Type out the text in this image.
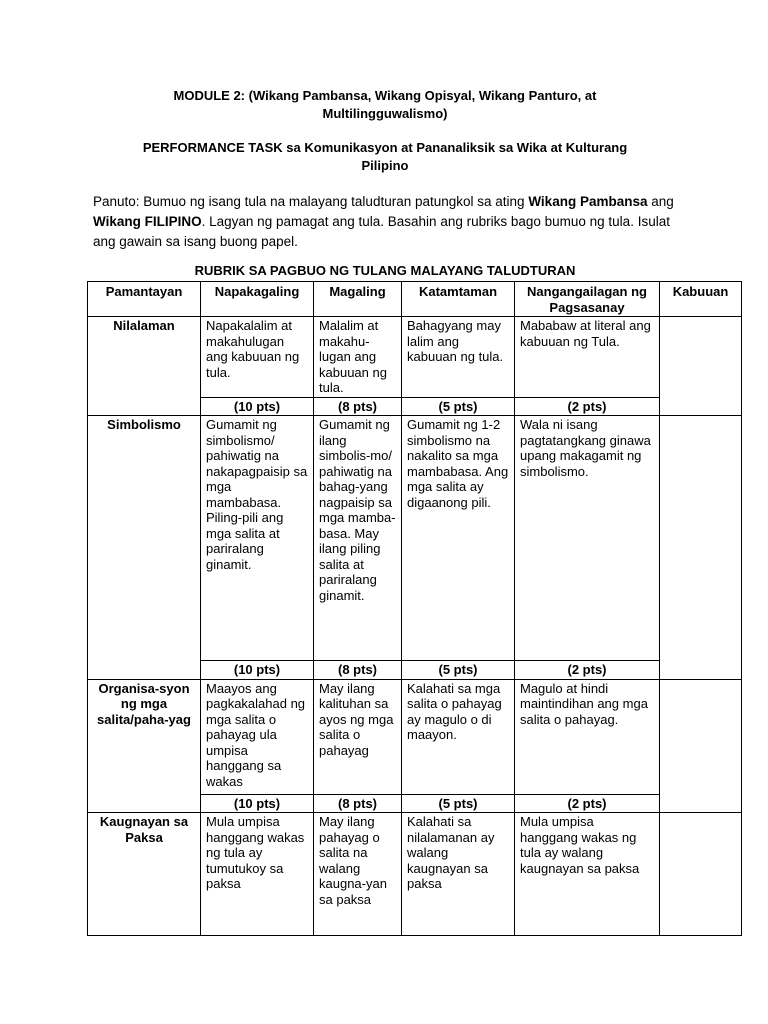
MODULE 2: (Wikang Pambansa, Wikang Opisyal, Wikang Panturo, at
Multilingguwalismo)
PERFORMANCE TASK sa Komunikasyon at Pananaliksik sa Wika at Kulturang
Pilipino
Panuto: Bumuo ng isang tula na malayang taludturan patungkol sa ating Wikang Pambansa ang Wikang FILIPINO. Lagyan ng pamagat ang tula. Basahin ang rubriks bago bumuo ng tula. Isulat ang gawain sa isang buong papel.
RUBRIK SA PAGBUO NG TULANG MALAYANG TALUDTURAN
Pamantayan	Napakagaling	Magaling	Katamtaman	Nangangailagan ng Pagsasanay	Kabuuan
Nilalaman	Napakalalim at makahulugan ang kabuuan ng tula.	Malalim at makahu-lugan ang kabuuan ng tula.	Bahagyang may lalim ang kabuuan ng tula.	Mababaw at literal ang kabuuan ng Tula.	
	(10 pts)	(8 pts)	(5 pts)	(2 pts)	
Simbolismo	Gumamit ng simbolismo/ pahiwatig na nakapagpaisip sa mga mambabasa. Piling-pili ang mga salita at pariralang ginamit.	Gumamit ng ilang simbolis-mo/ pahiwatig na bahag-yang nagpaisip sa mga mamba-basa. May ilang piling salita at pariralang ginamit.	Gumamit ng 1-2 simbolismo na nakalito sa mga mambabasa. Ang mga salita ay digaanong pili.	Wala ni isang pagtatangkang ginawa upang makagamit ng simbolismo.	
	(10 pts)	(8 pts)	(5 pts)	(2 pts)	
Organisa-syon ng mga salita/paha-yag	Maayos ang pagkakalahad ng mga salita o pahayag ula umpisa hanggang sa wakas	May ilang kalituhan sa ayos ng mga salita o pahayag	Kalahati sa mga salita o pahayag ay magulo o di maayon.	Magulo at hindi maintindihan ang mga salita o pahayag.	
	(10 pts)	(8 pts)	(5 pts)	(2 pts)	
Kaugnayan sa Paksa	Mula umpisa hanggang wakas ng tula ay tumutukoy sa paksa	May ilang pahayag o salita na walang kaugna-yan sa paksa	Kalahati sa nilalamanan ay walang kaugnayan sa paksa	Mula umpisa hanggang wakas ng tula ay walang kaugnayan sa paksa	
